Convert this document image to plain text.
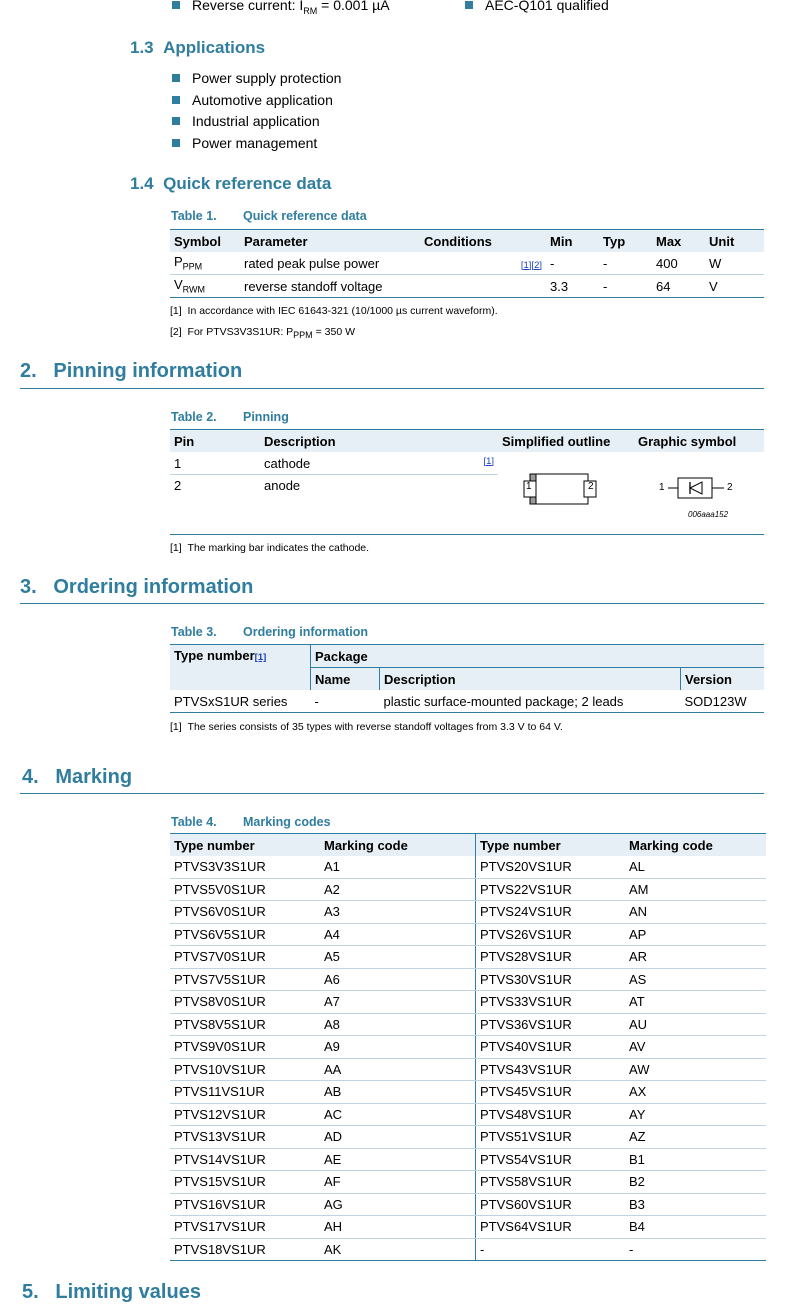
Reverse current: $I_{RM} = 0.001$ µA	AEC-Q101 qualified
1.3 Applications
Power supply protection
Automotive application
Industrial application
Power management
1.4 Quick reference data
Table 1. Quick reference data
Symbol	Parameter	Conditions	Min	Typ	Max	Unit
$P_{PPM}$	rated peak pulse power	[1][2]	-	-	400	W
$V_{RWM}$	reverse standoff voltage		3.3	-	64	V
[1] In accordance with IEC 61643-321 (10/1000 µs current waveform).
[2] For PTVS3V3S1UR: $P_{PPM} = 350$ W
2. Pinning information
Table 2. Pinning
Pin	Description	Simplified outline	Graphic symbol
1	cathode [1]		

2	anode			1	2	1	2
006aaa152
[1] The marking bar indicates the cathode.
3. Ordering information
Table 3. Ordering information
Type number[1]	Package		
	Name	Description	Version
PTVSxS1UR series	-	plastic surface-mounted package; 2 leads	SOD123W
[1] The series consists of 35 types with reverse standoff voltages from 3.3 V to 64 V.
4. Marking
Table 4. Marking codes
Type number	Marking code	Type number	Marking code
PTVS3V3S1UR	A1	PTVS20VS1UR	AL
PTVS5V0S1UR	A2	PTVS22VS1UR	AM
PTVS6V0S1UR	A3	PTVS24VS1UR	AN
PTVS6V5S1UR	A4	PTVS26VS1UR	AP
PTVS7V0S1UR	A5	PTVS28VS1UR	AR
PTVS7V5S1UR	A6	PTVS30VS1UR	AS
PTVS8V0S1UR	A7	PTVS33VS1UR	AT
PTVS8V5S1UR	A8	PTVS36VS1UR	AU
PTVS9V0S1UR	A9	PTVS40VS1UR	AV
PTVS10VS1UR	AA	PTVS43VS1UR	AW
PTVS11VS1UR	AB	PTVS45VS1UR	AX
PTVS12VS1UR	AC	PTVS48VS1UR	AY
PTVS13VS1UR	AD	PTVS51VS1UR	AZ
PTVS14VS1UR	AE	PTVS54VS1UR	B1
PTVS15VS1UR	AF	PTVS58VS1UR	B2
PTVS16VS1UR	AG	PTVS60VS1UR	B3
PTVS17VS1UR	AH	PTVS64VS1UR	B4
PTVS18VS1UR	AK	-	-
5. Limiting values
